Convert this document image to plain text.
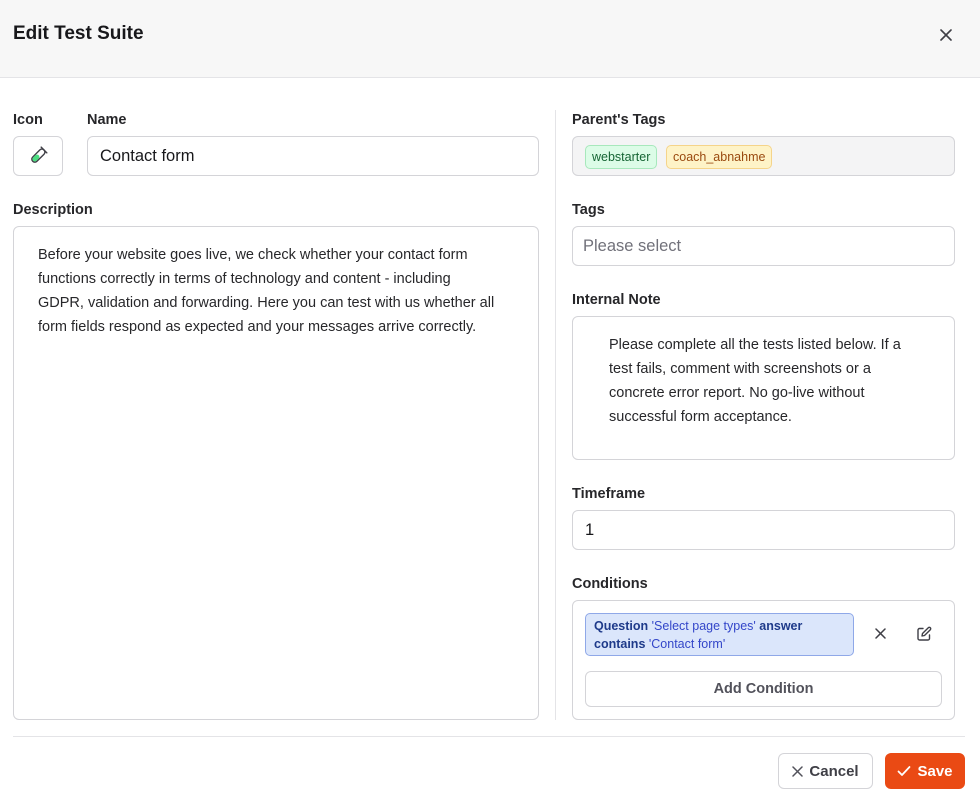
Edit Test Suite
Icon	Name
Contact form
Description
Before your website goes live, we check whether your contact form
functions correctly in terms of technology and content - including
GDPR, validation and forwarding. Here you can test with us whether all
form fields respond as expected and your messages arrive correctly.
Parent's Tags
webstarter	coach_abnahme
Tags
Please select
Internal Note
Please complete all the tests listed below. If a
test fails, comment with screenshots or a
concrete error report. No go-live without
successful form acceptance.
Timeframe
1
Conditions
Question 'Select page types' answer contains 'Contact form'
Add Condition
Cancel	Save
